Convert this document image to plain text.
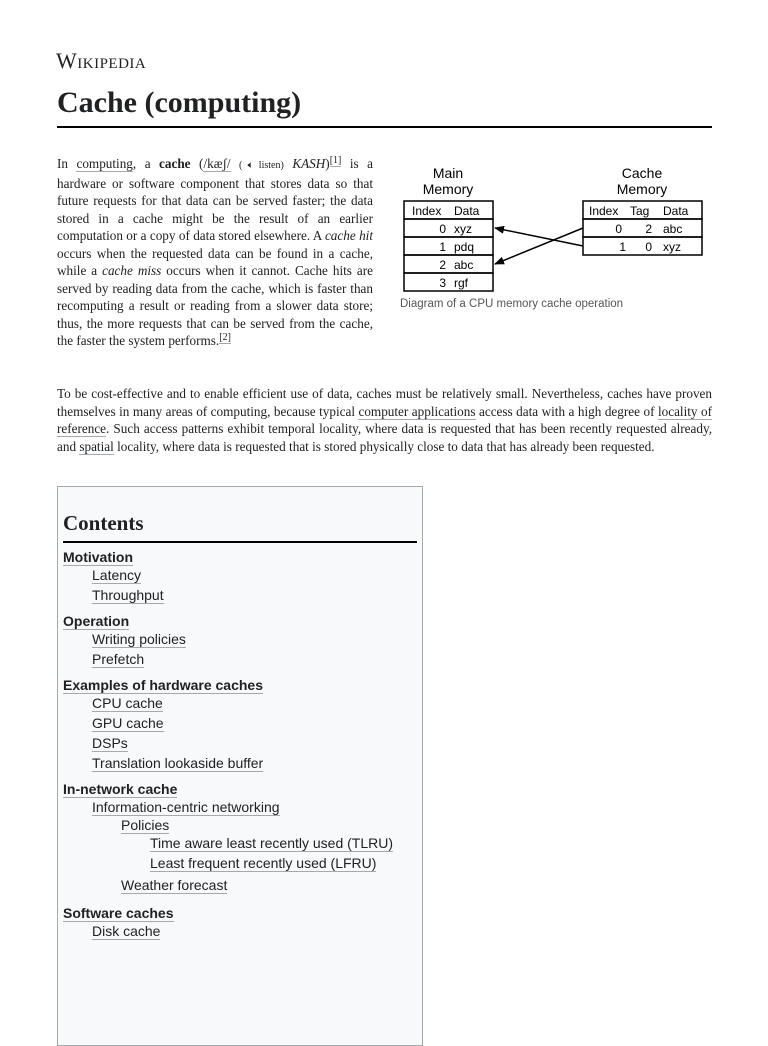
Wikipedia
Cache (computing)

In computing, a cache (/kæʃ/ (🔈︎listen) KASH)[1] is a hardware or software component that stores data so that future requests for that data can be served faster; the data stored in a cache might be the result of an earlier computation or a copy of data stored elsewhere. A cache hit occurs when the requested data can be found in a cache, while a cache miss occurs when it cannot. Cache hits are served by reading data from the cache, which is faster than recomputing a result or reading from a slower data store; thus, the more requests that can be served from the cache, the faster the system performs.[2]

Main
Memory
Cache
Memory
Index Data
0 xyz
1 pdq
2 abc
3 rgf
Index Tag Data
0 2 abc
1 0 xyz
Diagram of a CPU memory cache operation

To be cost-effective and to enable efficient use of data, caches must be relatively small. Nevertheless, caches have proven themselves in many areas of computing, because typical computer applications access data with a high degree of locality of reference. Such access patterns exhibit temporal locality, where data is requested that has been recently requested already, and spatial locality, where data is requested that is stored physically close to data that has already been requested.

Contents
Motivation
Latency
Throughput
Operation
Writing policies
Prefetch
Examples of hardware caches
CPU cache
GPU cache
DSPs
Translation lookaside buffer
In-network cache
Information-centric networking
Policies
Time aware least recently used (TLRU)
Least frequent recently used (LFRU)
Weather forecast
Software caches
Disk cache
